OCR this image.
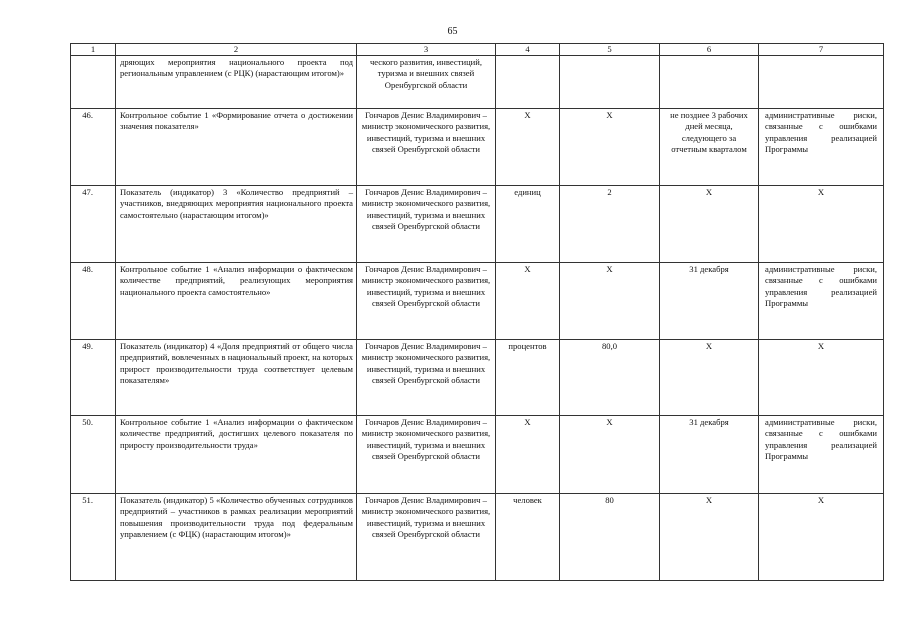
65
1	2	3	4	5	6	7
	дряющих мероприятия национального проекта под региональным управлением (с РЦК) (нарастающим итогом)»	ческого развития, инвестиций, туризма и внешних связей Оренбургской области				
46.	Контрольное событие 1 «Формирование отчета о достижении значения показателя»	Гончаров Денис Владимирович – министр экономического развития, инвестиций, туризма и внешних связей Оренбургской области	Х	Х	не позднее 3 рабочих дней месяца, следующего за отчетным кварталом	административные риски, связанные с ошибками управления реализацией Программы
47.	Показатель (индикатор) 3 «Количество предприятий – участников, внедряющих мероприятия национального проекта самостоятельно (нарастающим итогом)»	Гончаров Денис Владимирович – министр экономического развития, инвестиций, туризма и внешних связей Оренбургской области	единиц	2	Х	Х
48.	Контрольное событие 1 «Анализ информации о фактическом количестве предприятий, реализующих мероприятия национального проекта самостоятельно»	Гончаров Денис Владимирович – министр экономического развития, инвестиций, туризма и внешних связей Оренбургской области	Х	Х	31 декабря	административные риски, связанные с ошибками управления реализацией Программы
49.	Показатель (индикатор) 4 «Доля предприятий от общего числа предприятий, вовлеченных в национальный проект, на которых прирост производительности труда соответствует целевым показателям»	Гончаров Денис Владимирович – министр экономического развития, инвестиций, туризма и внешних связей Оренбургской области	процентов	80,0	Х	Х
50.	Контрольное событие 1 «Анализ информации о фактическом количестве предприятий, достигших целевого показателя по приросту производительности труда»	Гончаров Денис Владимирович – министр экономического развития, инвестиций, туризма и внешних связей Оренбургской области	Х	Х	31 декабря	административные риски, связанные с ошибками управления реализацией Программы
51.	Показатель (индикатор) 5 «Количество обученных сотрудников предприятий – участников в рамках реализации мероприятий повышения производительности труда под федеральным управлением (с ФЦК) (нарастающим итогом)»	Гончаров Денис Владимирович – министр экономического развития, инвестиций, туризма и внешних связей Оренбургской области	человек	80	Х	Х
